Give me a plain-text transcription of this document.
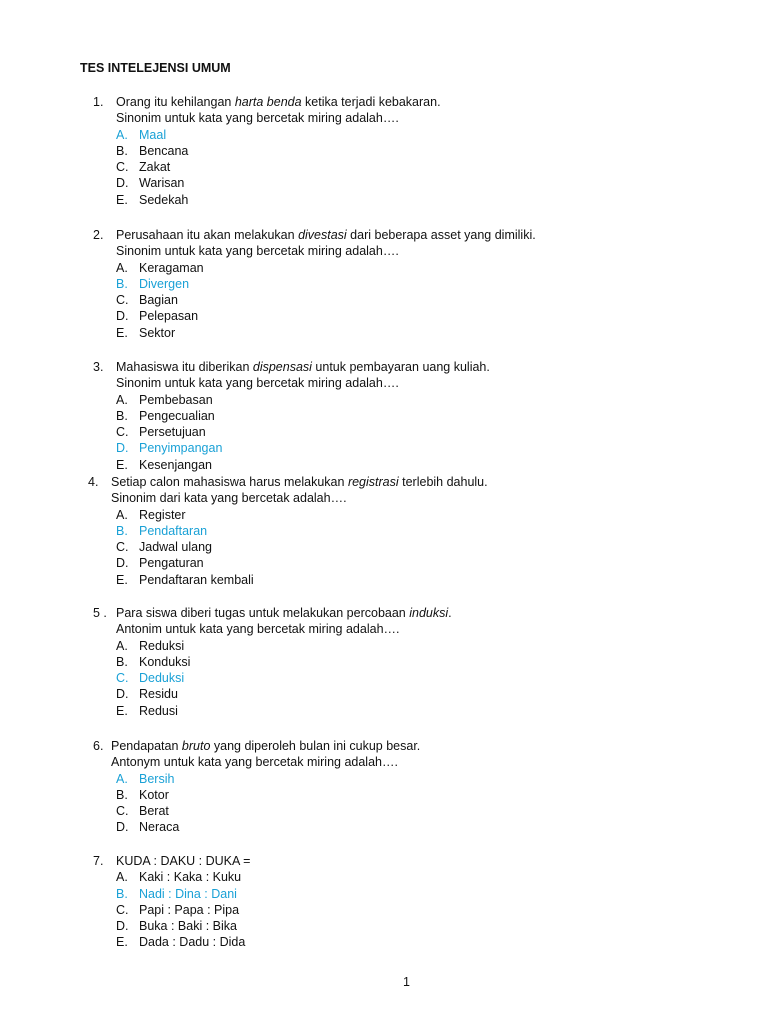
TES INTELEJENSI UMUM
1. Orang itu kehilangan harta benda ketika terjadi kebakaran.
Sinonim untuk kata yang bercetak miring adalah….
A. Maal
B. Bencana
C. Zakat
D. Warisan
E. Sedekah
2. Perusahaan itu akan melakukan divestasi dari beberapa asset yang dimiliki.
Sinonim untuk kata yang bercetak miring adalah….
A. Keragaman
B. Divergen
C. Bagian
D. Pelepasan
E. Sektor
3. Mahasiswa itu diberikan dispensasi untuk pembayaran uang kuliah.
Sinonim untuk kata yang bercetak miring adalah….
A. Pembebasan
B. Pengecualian
C. Persetujuan
D. Penyimpangan
E. Kesenjangan
4. Setiap calon mahasiswa harus melakukan registrasi terlebih dahulu.
Sinonim dari kata yang bercetak adalah….
A. Register
B. Pendaftaran
C. Jadwal ulang
D. Pengaturan
E. Pendaftaran kembali
5 . Para siswa diberi tugas untuk melakukan percobaan induksi.
Antonim untuk kata yang bercetak miring adalah….
A. Reduksi
B. Konduksi
C. Deduksi
D. Residu
E. Redusi
6. Pendapatan bruto yang diperoleh bulan ini cukup besar.
Antonym untuk kata yang bercetak miring adalah….
A. Bersih
B. Kotor
C. Berat
D. Neraca
7. KUDA : DAKU : DUKA =
A. Kaki : Kaka : Kuku
B. Nadi : Dina : Dani
C. Papi : Papa : Pipa
D. Buka : Baki : Bika
E. Dada : Dadu : Dida
1
